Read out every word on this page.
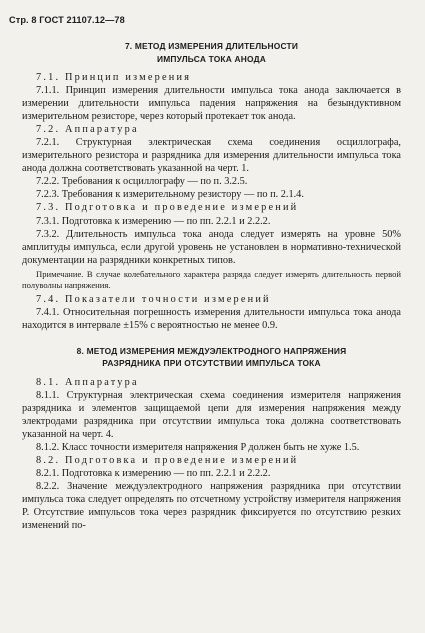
Стр. 8 ГОСТ 21107.12—78
7. МЕТОД ИЗМЕРЕНИЯ ДЛИТЕЛЬНОСТИ
ИМПУЛЬСА ТОКА АНОДА

7.1. Принцип измерения

7.1.1. Принцип измерения длительности импульса тока анода заключается в измерении длительности импульса падения напряжения на безындуктивном измерительном резисторе, через который протекает ток анода.

7.2. Аппаратура

7.2.1. Структурная электрическая схема соединения осциллографа, измерительного резистора и разрядника для измерения длительности импульса тока анода должна соответствовать указанной на черт. 1.

7.2.2. Требования к осциллографу — по п. 3.2.5.

7.2.3. Требования к измерительному резистору — по п. 2.1.4.

7.3. Подготовка и проведение измерений

7.3.1. Подготовка к измерению — по пп. 2.2.1 и 2.2.2.

7.3.2. Длительность импульса тока анода следует измерять на уровне 50% амплитуды импульса, если другой уровень не установлен в нормативно-технической документации на разрядники конкретных типов.

Примечание. В случае колебательного характера разряда следует измерять длительность первой полуволны напряжения.

7.4. Показатели точности измерений

7.4.1. Относительная погрешность измерения длительности импульса тока анода находится в интервале ±15% с вероятностью не менее 0.9.

8. МЕТОД ИЗМЕРЕНИЯ МЕЖДУЭЛЕКТРОДНОГО НАПРЯЖЕНИЯ
РАЗРЯДНИКА ПРИ ОТСУТСТВИИ ИМПУЛЬСА ТОКА

8.1. Аппаратура

8.1.1. Структурная электрическая схема соединения измерителя напряжения разрядника и элементов защищаемой цепи для измерения напряжения между электродами разрядника при отсутствии импульса тока должна соответствовать указанной на черт. 4.

8.1.2. Класс точности измерителя напряжения P должен быть не хуже 1.5.

8.2. Подготовка и проведение измерений

8.2.1. Подготовка к измерению — по пп. 2.2.1 и 2.2.2.

8.2.2. Значение междуэлектродного напряжения разрядника при отсутствии импульса тока следует определять по отсчетному устройству измерителя напряжения P. Отсутствие импульсов тока через разрядник фиксируется по отсутствию резких изменений по-
